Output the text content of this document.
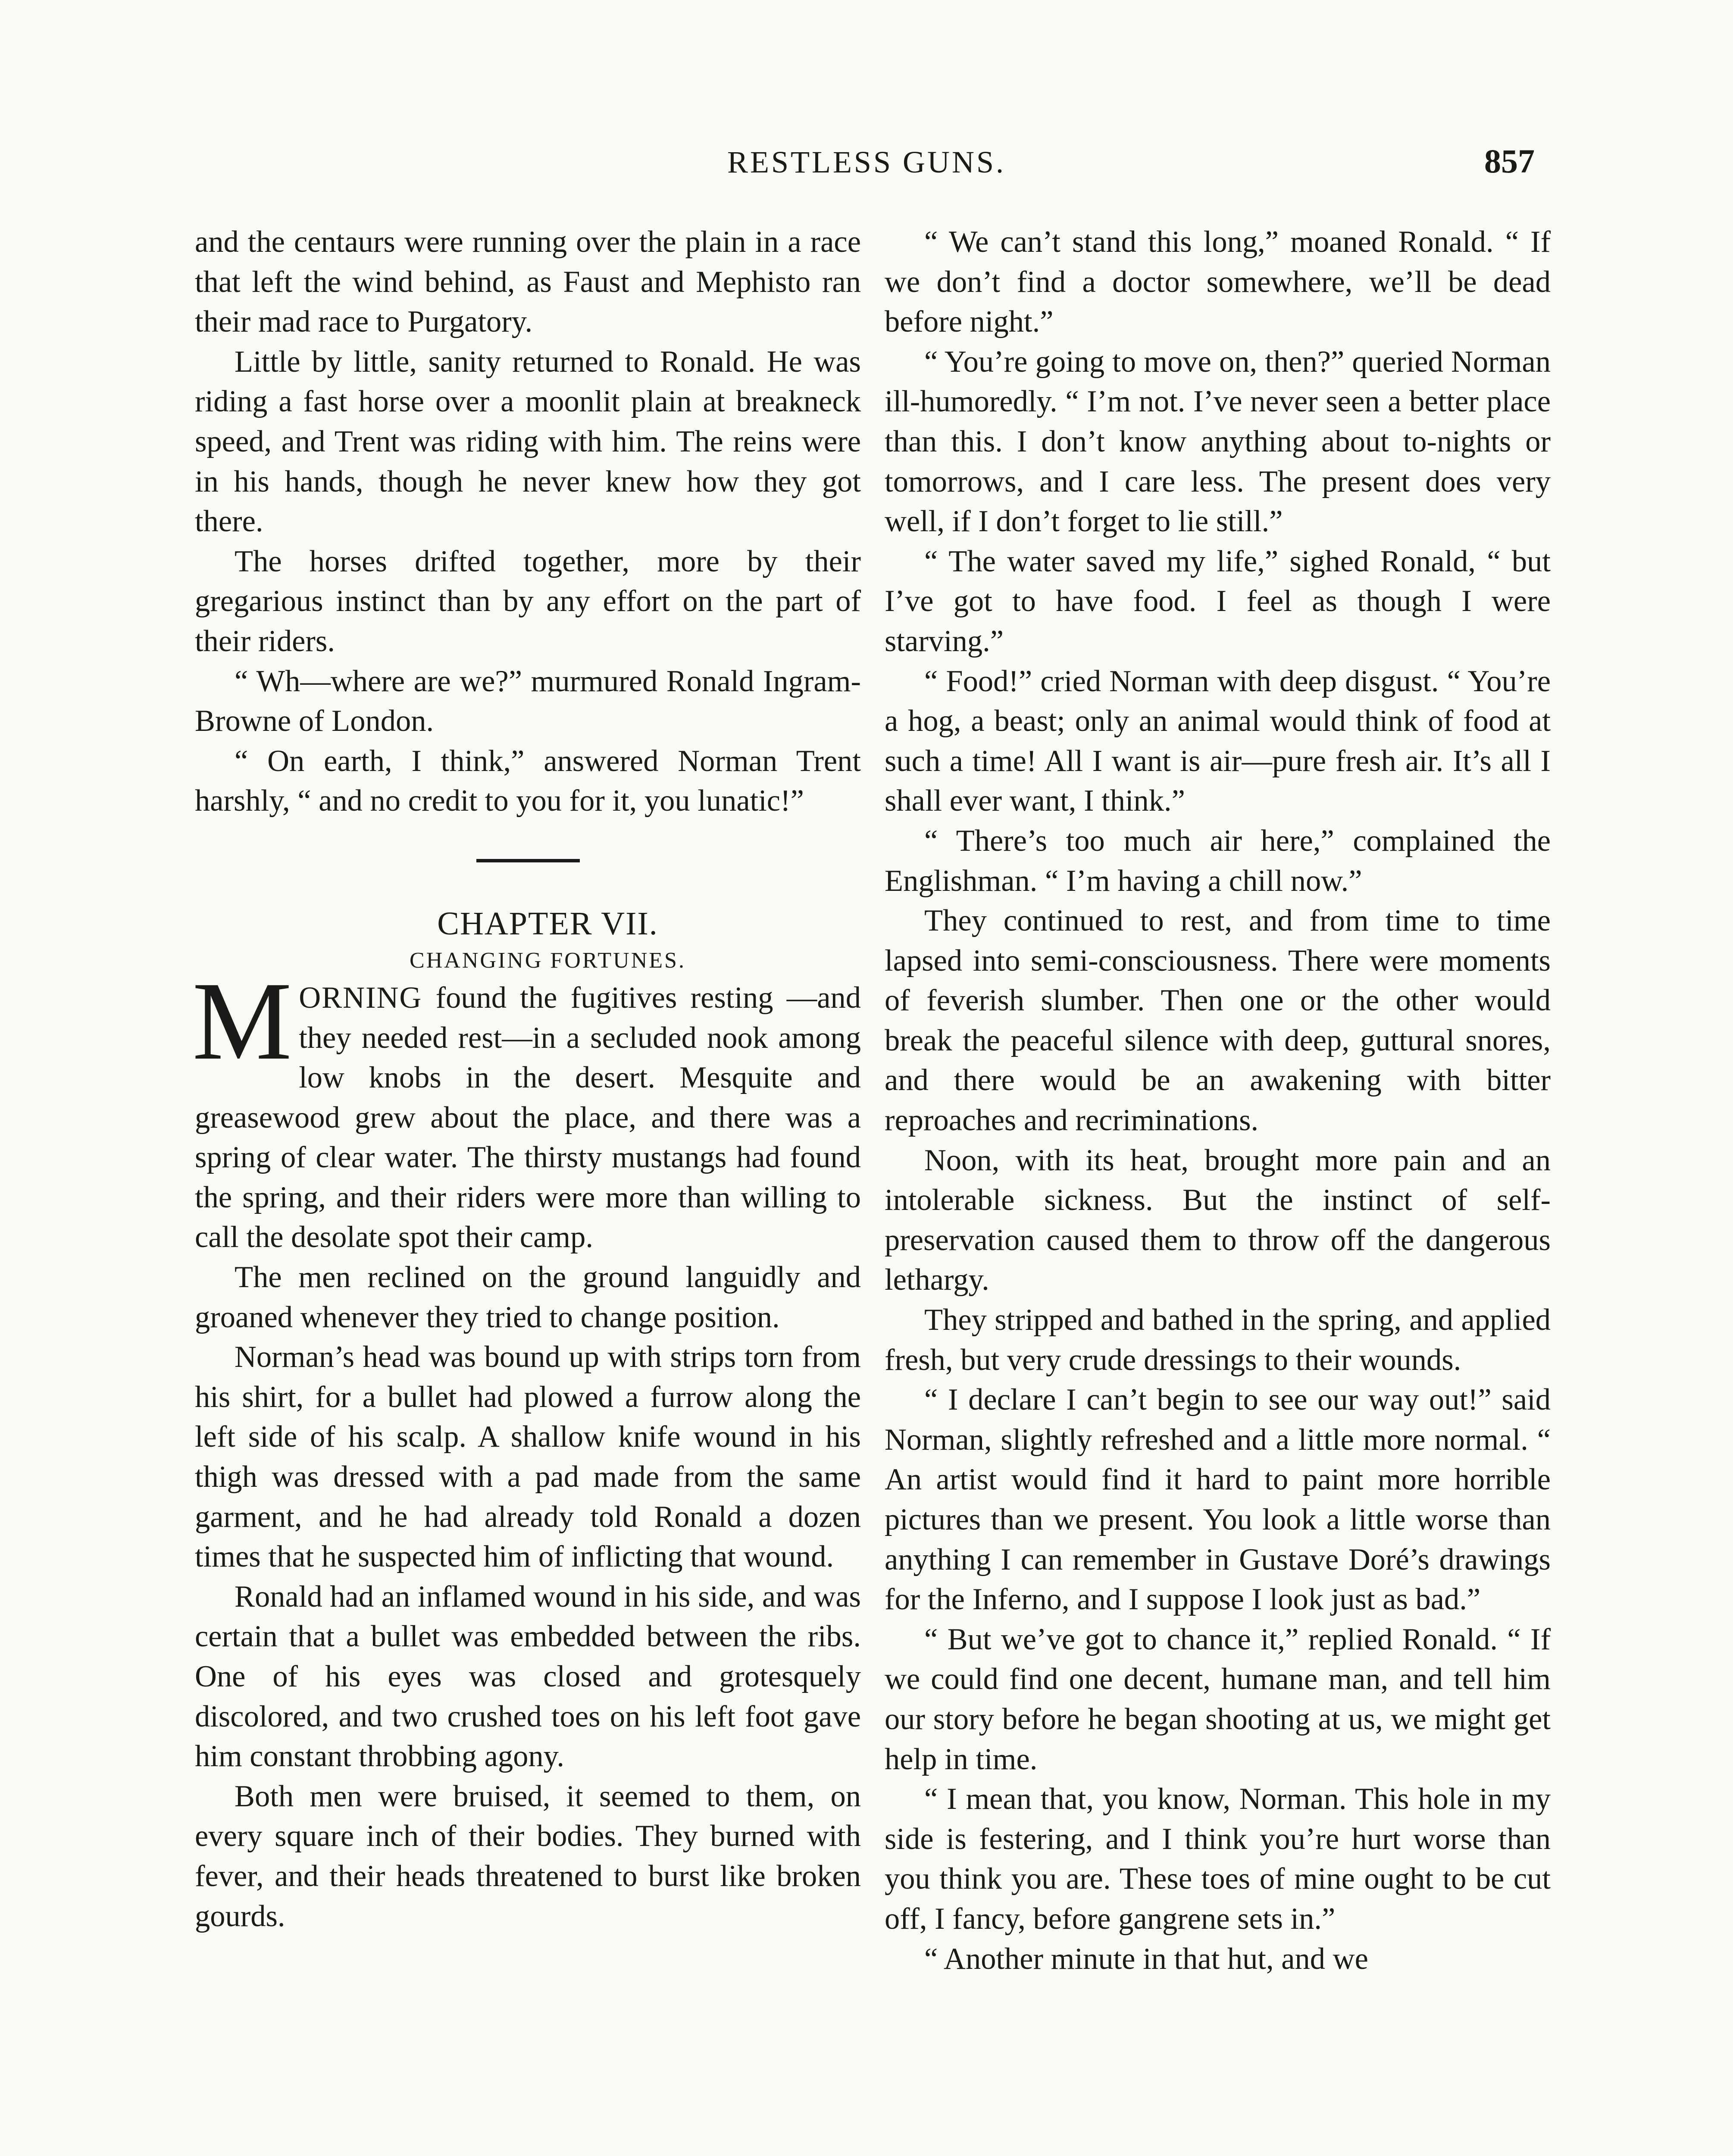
RESTLESS GUNS.	857

and the centaurs were running over the plain in a race that left the wind behind, as Faust and Mephisto ran their mad race to Purgatory.

Little by little, sanity returned to Ronald. He was riding a fast horse over a moonlit plain at breakneck speed, and Trent was riding with him. The reins were in his hands, though he never knew how they got there.

The horses drifted together, more by their gregarious instinct than by any effort on the part of their riders.

“ Wh—where are we?” murmured Ronald Ingram-Browne of London.

“ On earth, I think,” answered Norman Trent harshly, “ and no credit to you for it, you lunatic!”

CHAPTER VII.

CHANGING FORTUNES.

MORNING found the fugitives resting —and they needed rest—in a secluded nook among low knobs in the desert. Mesquite and greasewood grew about the place, and there was a spring of clear water. The thirsty mustangs had found the spring, and their riders were more than willing to call the desolate spot their camp.

The men reclined on the ground languidly and groaned whenever they tried to change position.

Norman’s head was bound up with strips torn from his shirt, for a bullet had plowed a furrow along the left side of his scalp. A shallow knife wound in his thigh was dressed with a pad made from the same garment, and he had already told Ronald a dozen times that he suspected him of inflicting that wound.

Ronald had an inflamed wound in his side, and was certain that a bullet was embedded between the ribs. One of his eyes was closed and grotesquely discolored, and two crushed toes on his left foot gave him constant throbbing agony.

Both men were bruised, it seemed to them, on every square inch of their bodies. They burned with fever, and their heads threatened to burst like broken gourds.

“ We can’t stand this long,” moaned Ronald. “ If we don’t find a doctor somewhere, we’ll be dead before night.”

“ You’re going to move on, then?” queried Norman ill-humoredly. “ I’m not. I’ve never seen a better place than this. I don’t know anything about to-nights or tomorrows, and I care less. The present does very well, if I don’t forget to lie still.”

“ The water saved my life,” sighed Ronald, “ but I’ve got to have food. I feel as though I were starving.”

“ Food!” cried Norman with deep disgust. “ You’re a hog, a beast; only an animal would think of food at such a time! All I want is air—pure fresh air. It’s all I shall ever want, I think.”

“ There’s too much air here,” complained the Englishman. “ I’m having a chill now.”

They continued to rest, and from time to time lapsed into semi-consciousness. There were moments of feverish slumber. Then one or the other would break the peaceful silence with deep, guttural snores, and there would be an awakening with bitter reproaches and recriminations.

Noon, with its heat, brought more pain and an intolerable sickness. But the instinct of self-preservation caused them to throw off the dangerous lethargy.

They stripped and bathed in the spring, and applied fresh, but very crude dressings to their wounds.

“ I declare I can’t begin to see our way out!” said Norman, slightly refreshed and a little more normal. “ An artist would find it hard to paint more horrible pictures than we present. You look a little worse than anything I can remember in Gustave Doré’s drawings for the Inferno, and I suppose I look just as bad.”

“ But we’ve got to chance it,” replied Ronald. “ If we could find one decent, humane man, and tell him our story before he began shooting at us, we might get help in time.

“ I mean that, you know, Norman. This hole in my side is festering, and I think you’re hurt worse than you think you are. These toes of mine ought to be cut off, I fancy, before gangrene sets in.”

“ Another minute in that hut, and we
